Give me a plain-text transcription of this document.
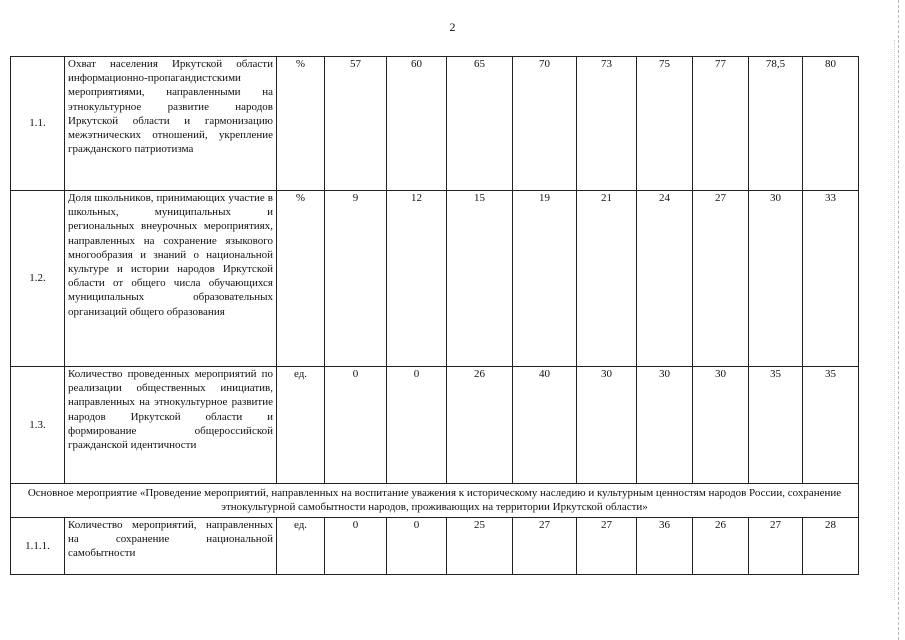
2
1.1.	Охват населения Иркутской области информационно-пропагандистскими мероприятиями, направленными на этнокультурное развитие народов Иркутской области и гармонизацию межэтнических отношений, укрепление гражданского патриотизма	%	57	60	65	70	73	75	77	78,5	80
1.2.	Доля школьников, принимающих участие в школьных, муниципальных и региональных внеурочных мероприятиях, направленных на сохранение языкового многообразия и знаний о национальной культуре и истории народов Иркутской области от общего числа обучающихся муниципальных образовательных организаций общего образования	%	9	12	15	19	21	24	27	30	33
1.3.	Количество проведенных мероприятий по реализации общественных инициатив, направленных на этнокультурное развитие народов Иркутской области и формирование общероссийской гражданской идентичности	ед.	0	0	26	40	30	30	30	35	35
Основное мероприятие «Проведение мероприятий, направленных на воспитание уважения к историческому наследию и культурным ценностям народов России, сохранение этнокультурной самобытности народов, проживающих на территории Иркутской области»											
1.1.1.	Количество мероприятий, направленных на сохранение национальной самобытности	ед.	0	0	25	27	27	36	26	27	28
